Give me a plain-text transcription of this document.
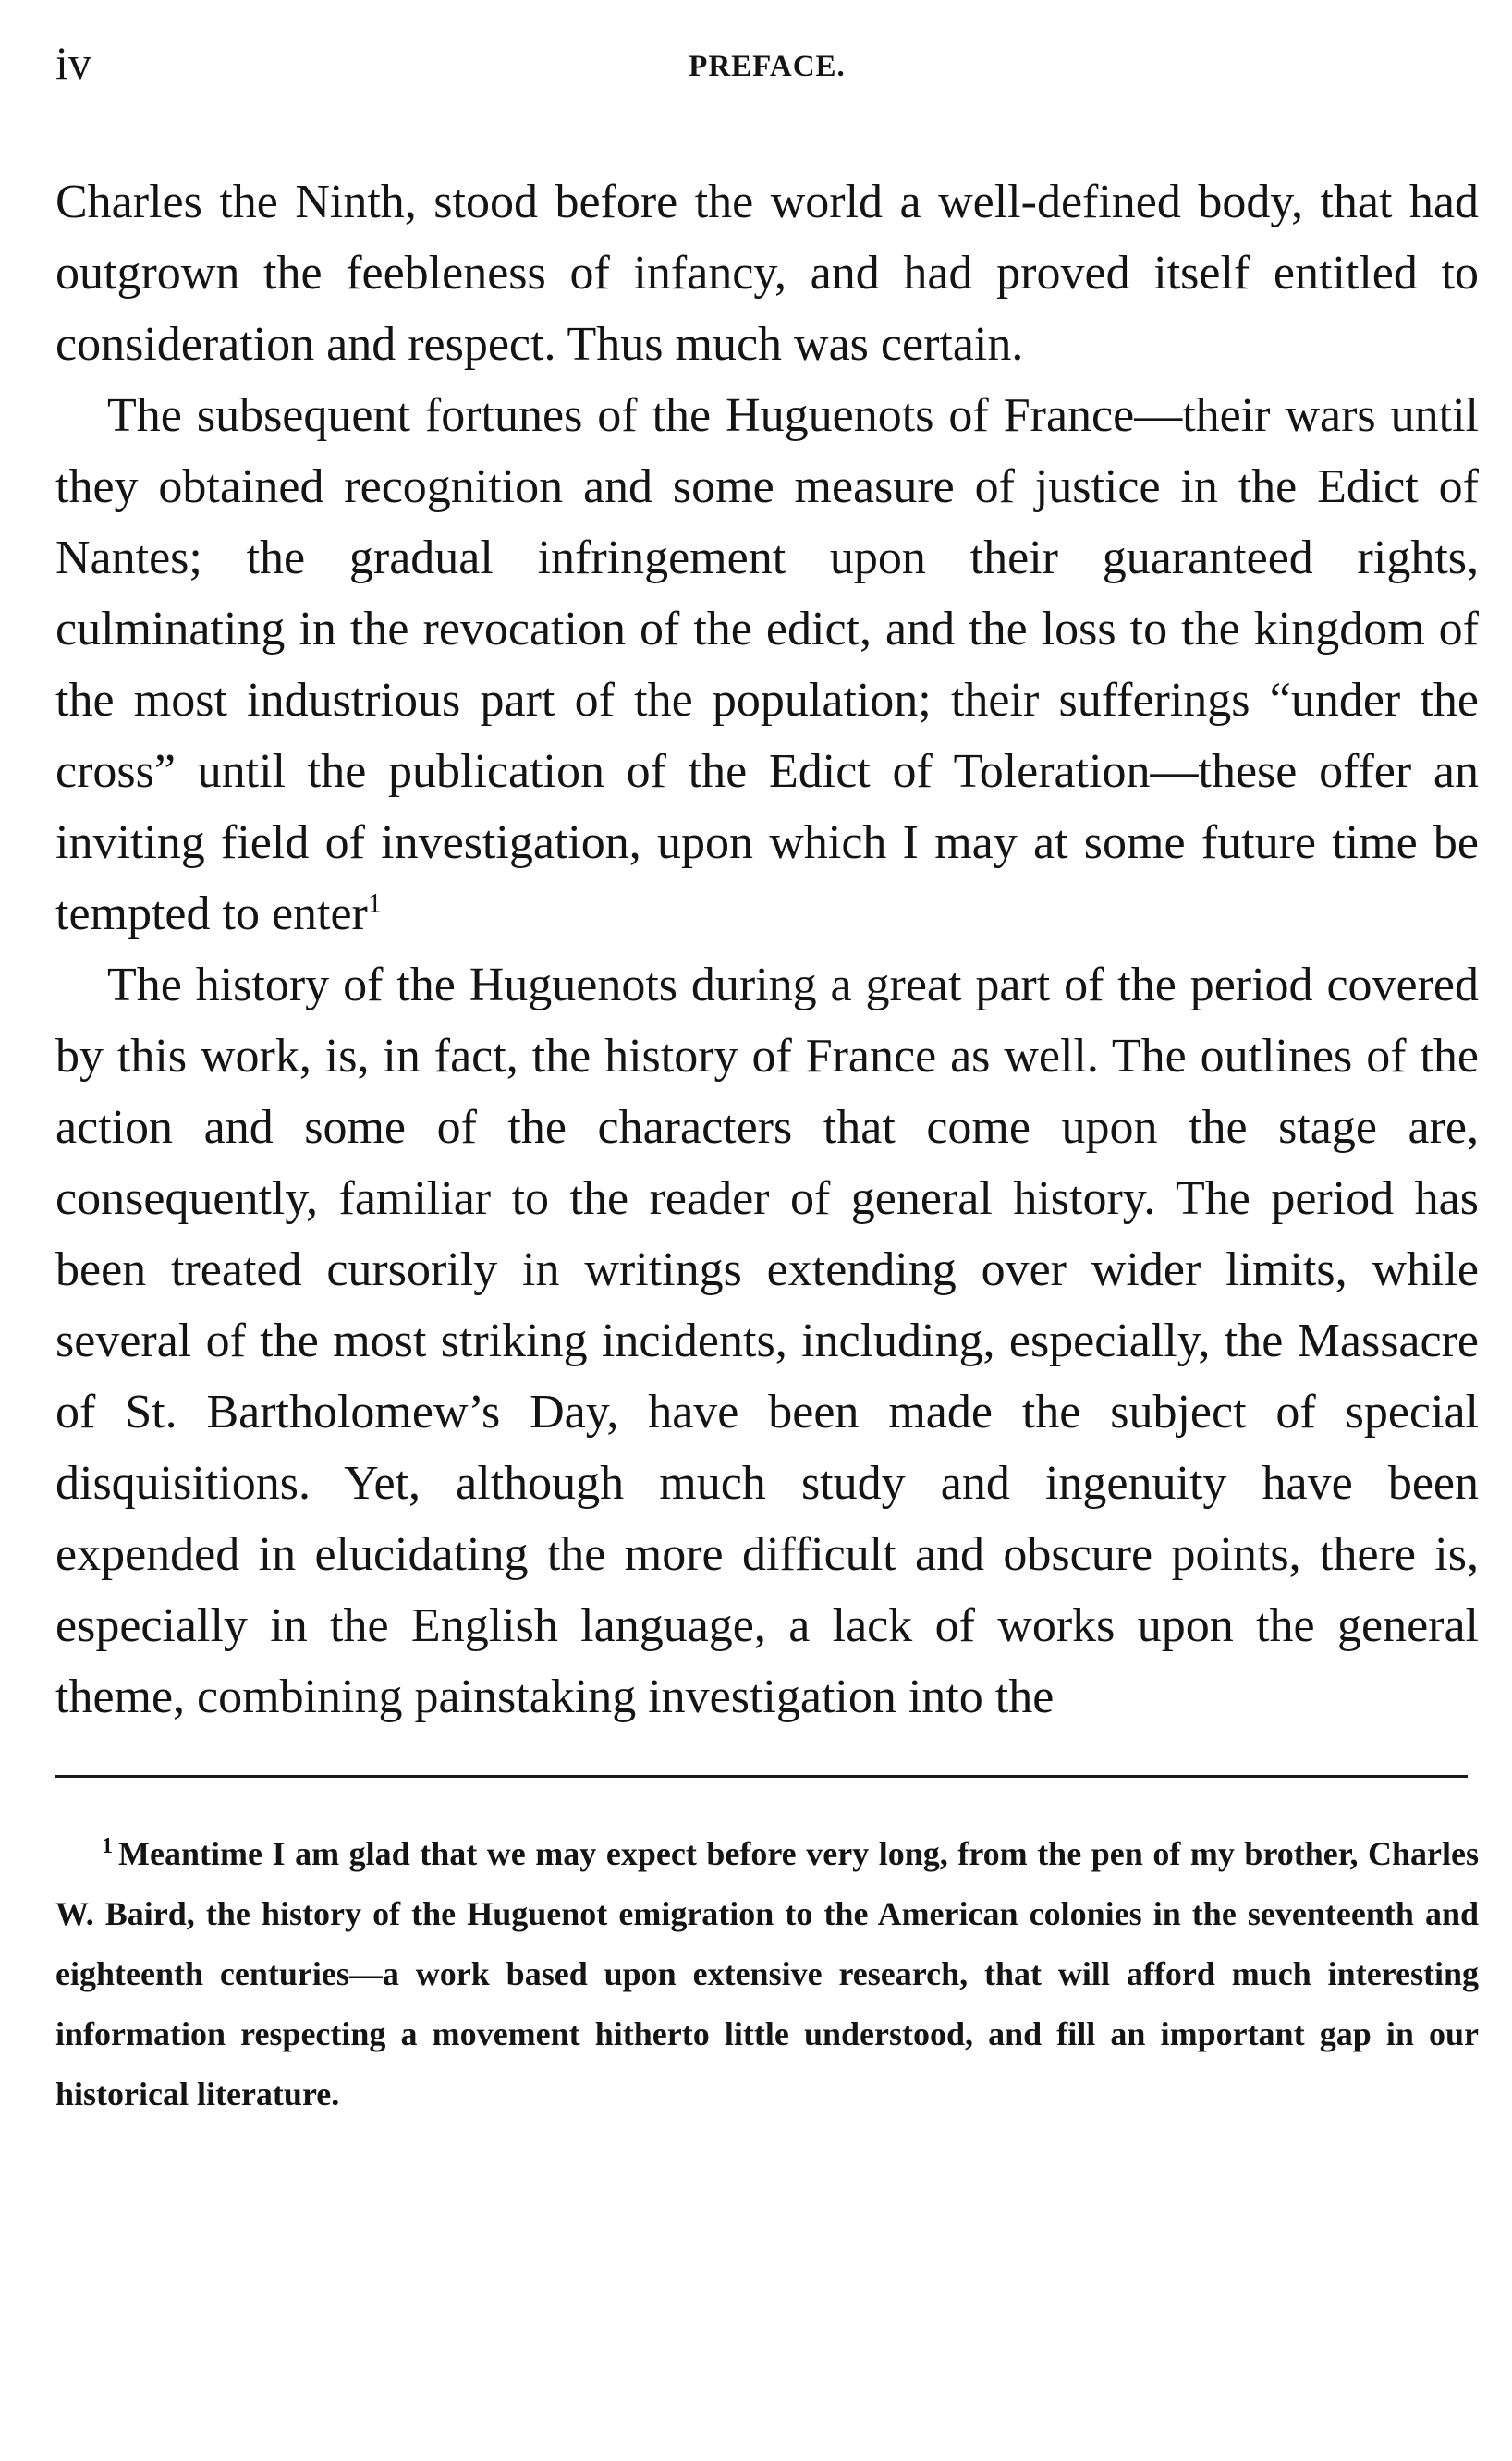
iv	PREFACE.

Charles the Ninth, stood before the world a well-defined body, that had outgrown the feebleness of infancy, and had proved itself entitled to consideration and respect. Thus much was certain.

The subsequent fortunes of the Huguenots of France—their wars until they obtained recognition and some measure of justice in the Edict of Nantes; the gradual infringement upon their guaranteed rights, culminating in the revocation of the edict, and the loss to the kingdom of the most industrious part of the population; their sufferings “under the cross” until the publication of the Edict of Toleration—these offer an inviting field of investigation, upon which I may at some future time be tempted to enter$^1$

The history of the Huguenots during a great part of the period covered by this work, is, in fact, the history of France as well. The outlines of the action and some of the characters that come upon the stage are, consequently, familiar to the reader of general history. The period has been treated cursorily in writings extending over wider limits, while several of the most striking incidents, including, especially, the Massacre of St. Bartholomew’s Day, have been made the subject of special disquisitions. Yet, although much study and ingenuity have been expended in elucidating the more difficult and obscure points, there is, especially in the English language, a lack of works upon the general theme, combining painstaking investigation into the

$^1$ Meantime I am glad that we may expect before very long, from the pen of my brother, Charles W. Baird, the history of the Huguenot emigration to the American colonies in the seventeenth and eighteenth centuries—a work based upon extensive research, that will afford much interesting information respecting a movement hitherto little understood, and fill an important gap in our historical literature.
